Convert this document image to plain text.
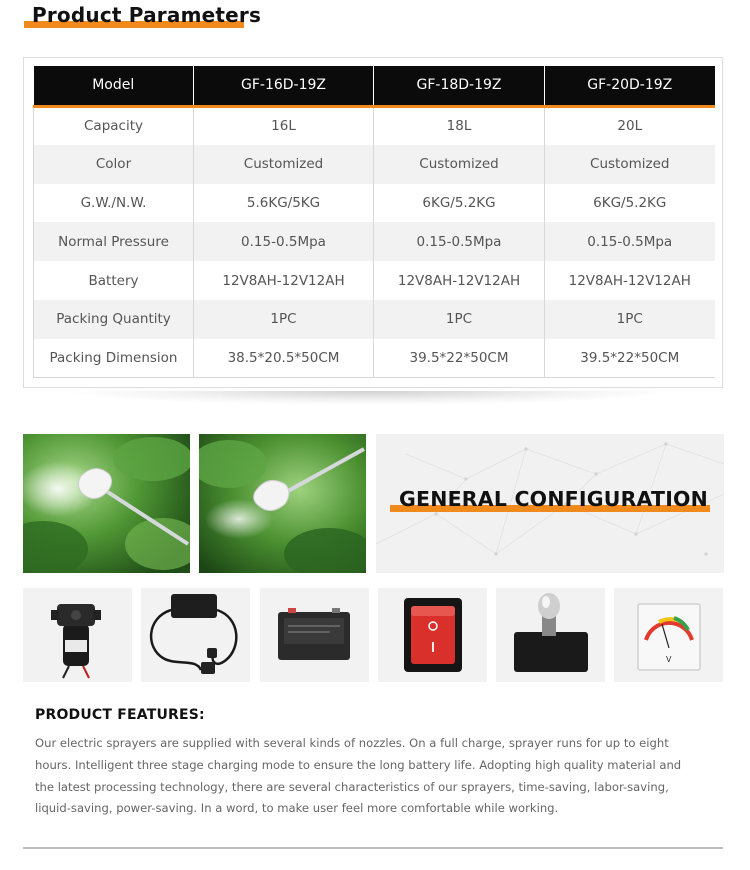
Product Parameters
Model	GF-16D-19Z	GF-18D-19Z	GF-20D-19Z
Capacity	16L	18L	20L
Color	Customized	Customized	Customized
G.W./N.W.	5.6KG/5KG	6KG/5.2KG	6KG/5.2KG
Normal Pressure	0.15-0.5Mpa	0.15-0.5Mpa	0.15-0.5Mpa
Battery	12V8AH-12V12AH	12V8AH-12V12AH	12V8AH-12V12AH
Packing Quantity	1PC	1PC	1PC
Packing Dimension	38.5*20.5*50CM	39.5*22*50CM	39.5*22*50CM
GENERAL CONFIGURATION
V
PRODUCT FEATURES:
Our electric sprayers are supplied with several kinds of nozzles. On a full charge, sprayer runs for up to eight
hours. Intelligent three stage charging mode to ensure the long battery life. Adopting high quality material and
the latest processing technology, there are several characteristics of our sprayers, time-saving, labor-saving,
liquid-saving, power-saving. In a word, to make user feel more comfortable while working.
